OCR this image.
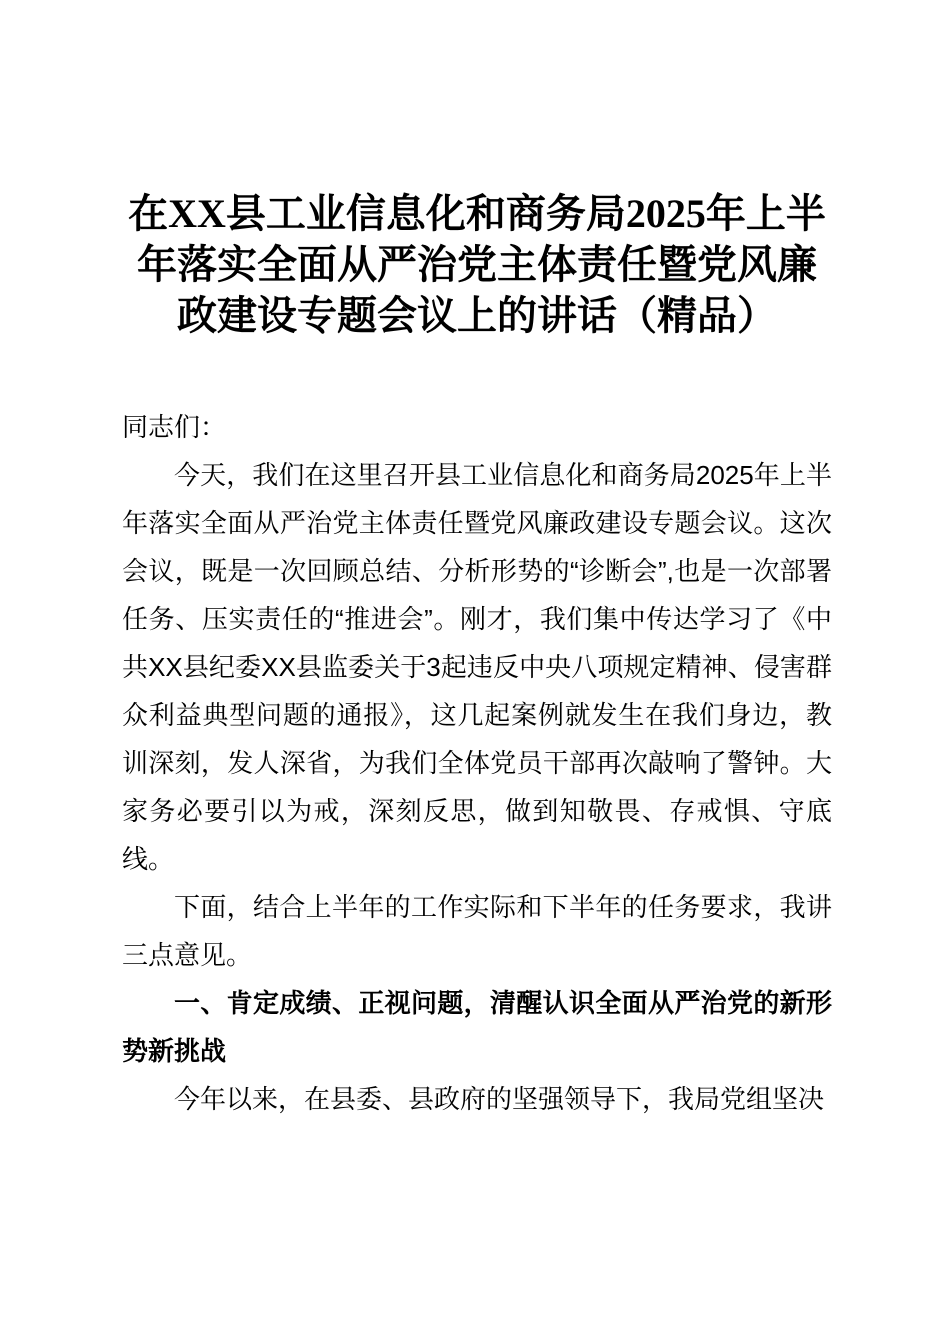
在XX县工业信息化和商务局2025年上半年落实全面从严治党主体责任暨党风廉政建设专题会议上的讲话（精品）

同志们：

今天，我们在这里召开县工业信息化和商务局2025年上半年落实全面从严治党主体责任暨党风廉政建设专题会议。这次会议，既是一次回顾总结、分析形势的“诊断会”,也是一次部署任务、压实责任的“推进会”。刚才，我们集中传达学习了《中共XX县纪委XX县监委关于3起违反中央八项规定精神、侵害群众利益典型问题的通报》，这几起案例就发生在我们身边，教训深刻，发人深省，为我们全体党员干部再次敲响了警钟。大家务必要引以为戒，深刻反思，做到知敬畏、存戒惧、守底线。

下面，结合上半年的工作实际和下半年的任务要求，我讲三点意见。

一、肯定成绩、正视问题，清醒认识全面从严治党的新形势新挑战

今年以来，在县委、县政府的坚强领导下，我局党组坚决
